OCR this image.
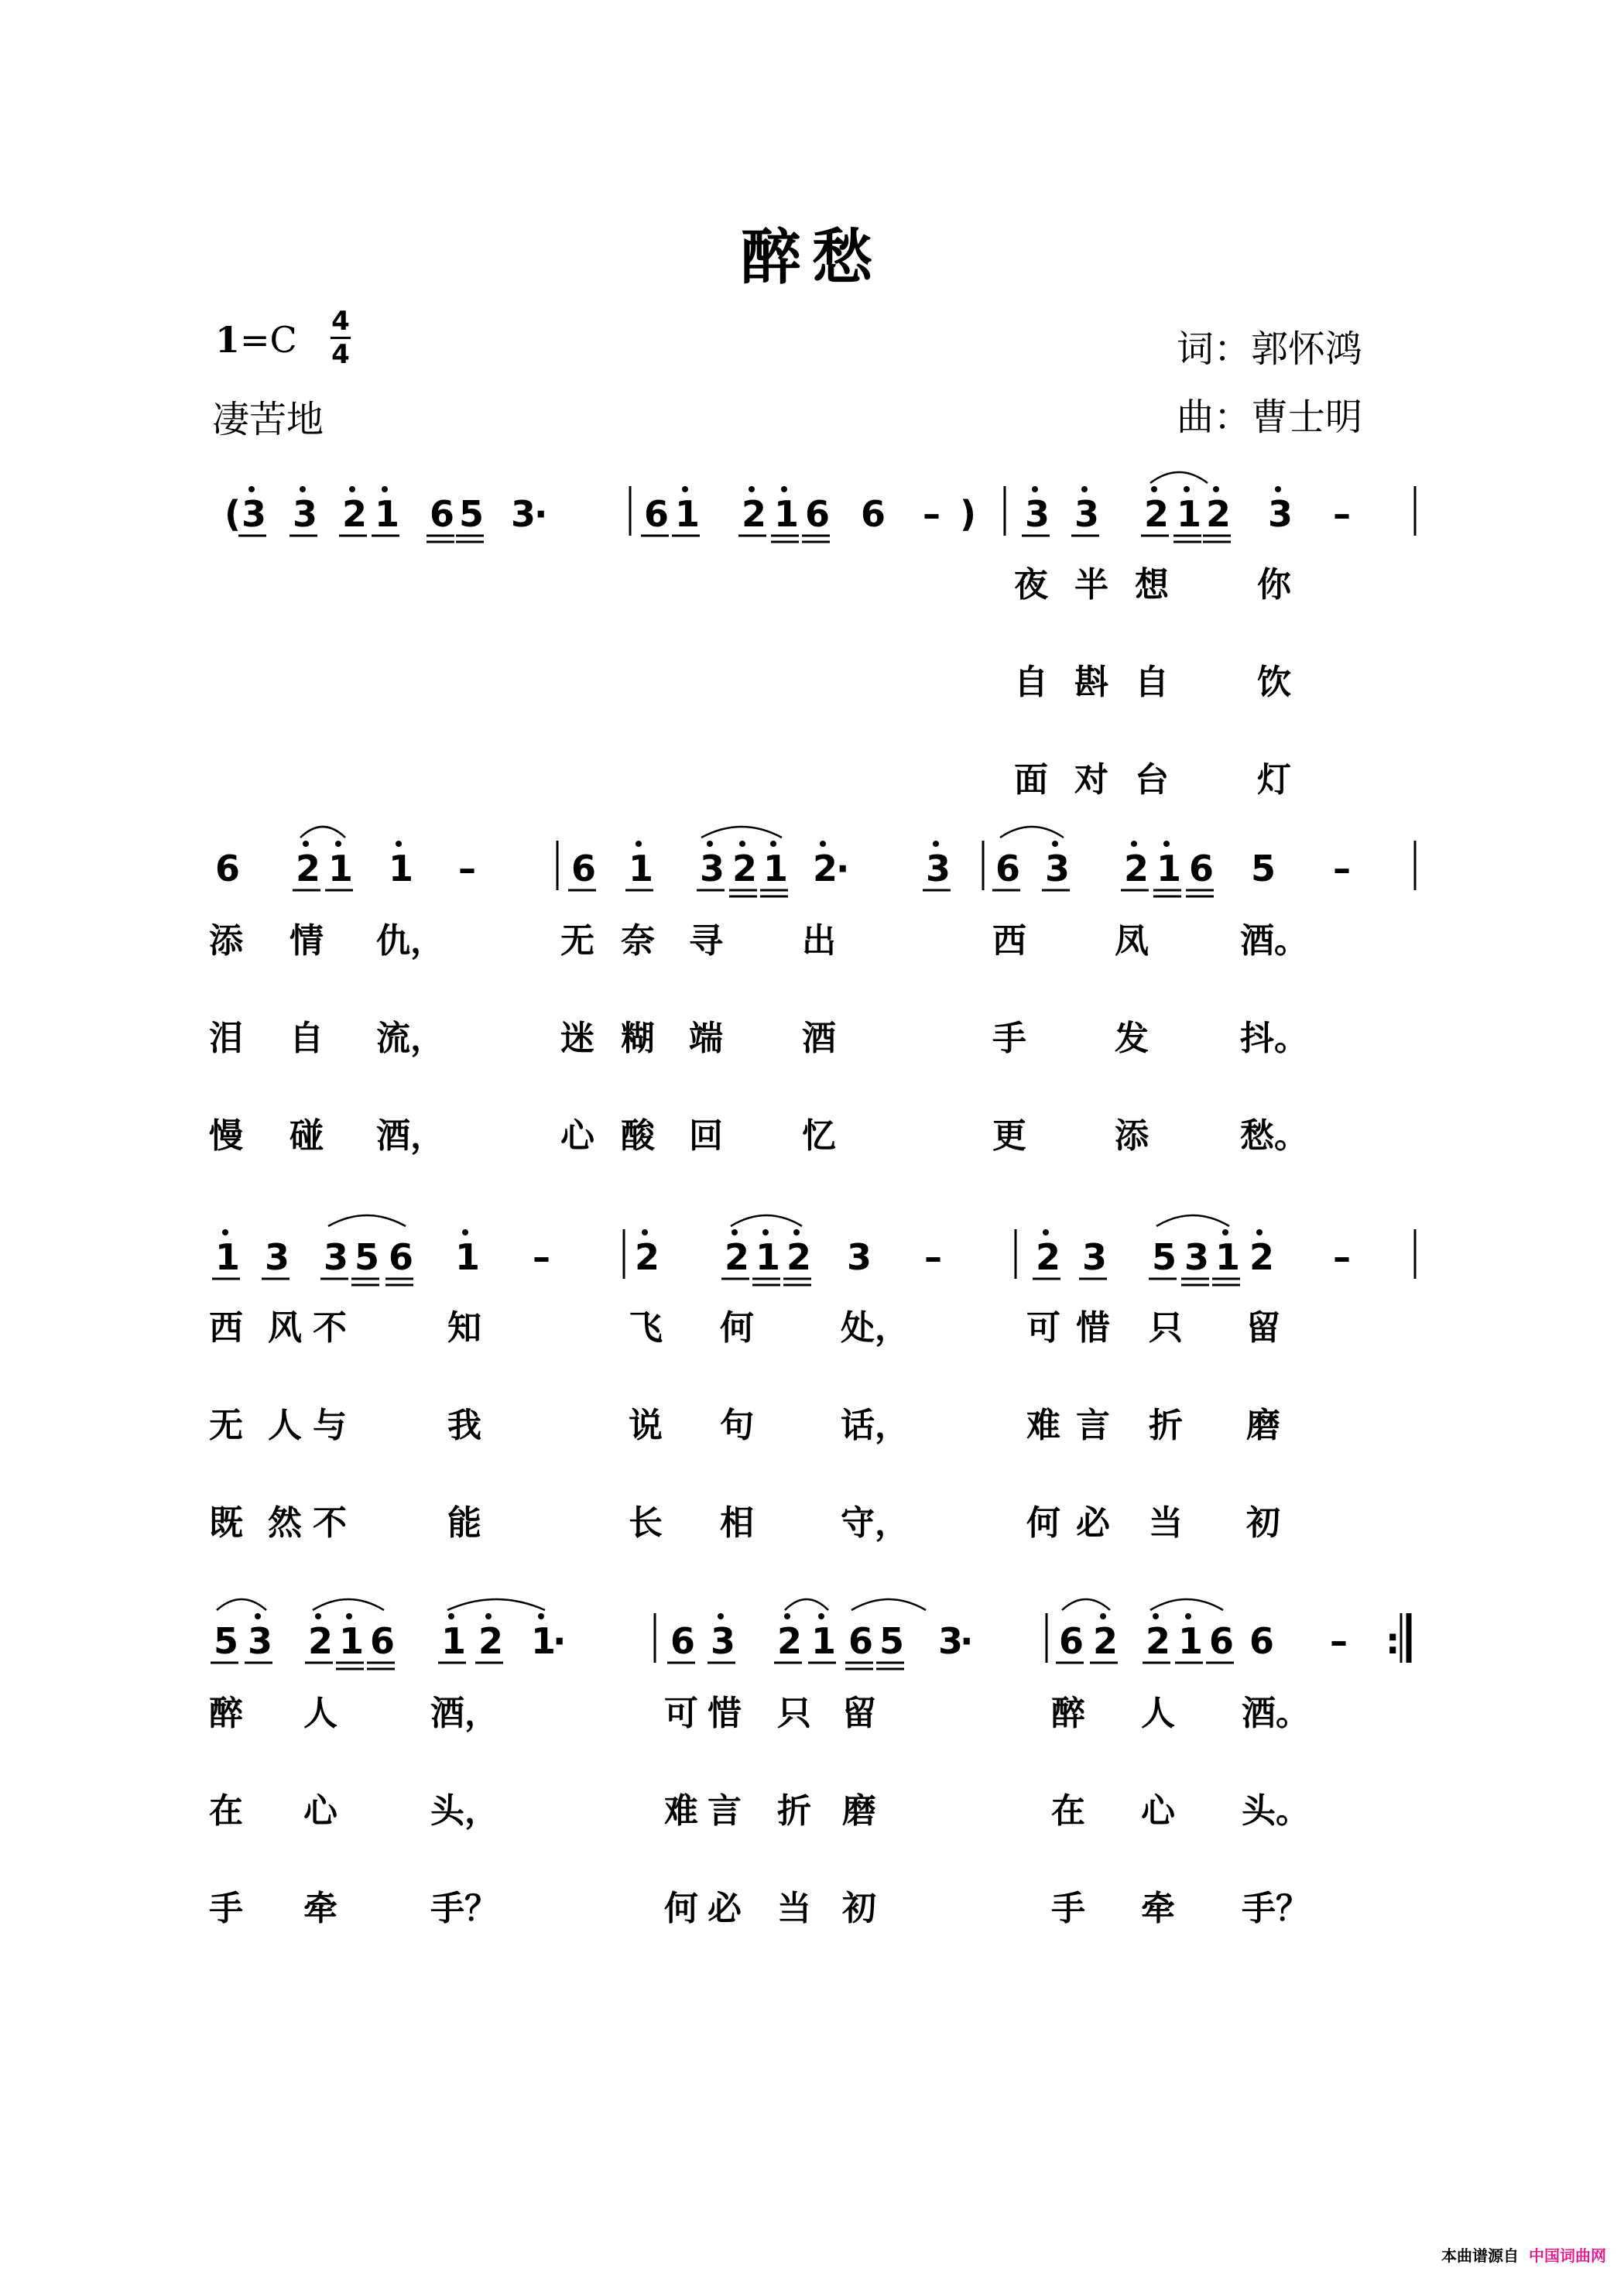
醉愁
1=C 4
4
凄苦地
词：郭怀鸿
曲：曹士明
( 3 3 2 1 6 5 3
·	6 1 2 1 6 6 – ) 3 3 2 1 2 3 –
夜 半 想	你
自 斟 自	饮
面 对 台	灯
6 2 1 1 –	6 1 3 2 1 2
· 3 6 3 2 1 6 5 –
添 情 仇，	无 奈 寻 出	西	凤	酒。
泪 自 流，	迷 糊 端 酒	手	发	抖。
慢 碰 酒，	心 酸 回 忆	更	添	愁。
1 3 3 5 6 1 – 2 2 1 2 3 –	2 3 5 3 1 2 –
西 风 不	知	飞 何	处，	可 惜 只 留
无 人 与	我	说 句	话，	难 言 折 磨
既 然 不	能	长 相	守，	何 必 当 初
5 3 2 1 6 1 2 1
·	6 3 2 1 6 5 3
· 6 2 2 1 6 6 – :
醉 人	酒，	可 惜 只 留	醉 人 酒。
在 心	头，	难 言 折 磨	在 心 头。
手 牵	手？	何 必 当 初	手 牵 手？
本曲谱源自 中国词曲网
